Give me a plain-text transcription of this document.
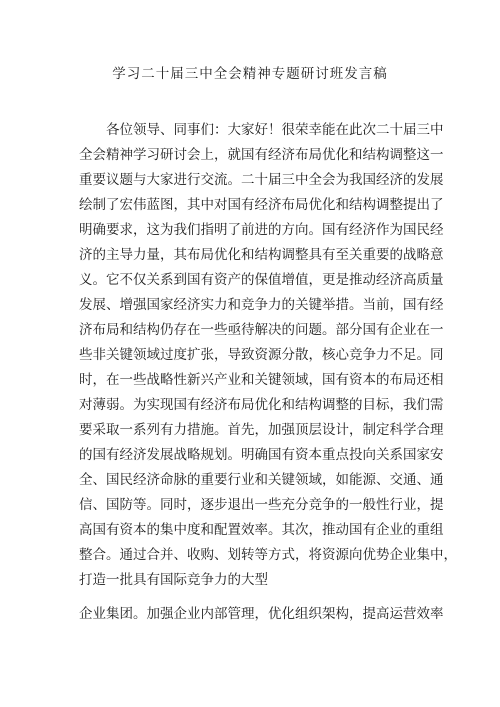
学习二十届三中全会精神专题研讨班发言稿

各位领导、同事们：大家好！很荣幸能在此次二十届三中

全会精神学习研讨会上，就国有经济布局优化和结构调整这一

重要议题与大家进行交流。二十届三中全会为我国经济的发展

绘制了宏伟蓝图，其中对国有经济布局优化和结构调整提出了

明确要求，这为我们指明了前进的方向。国有经济作为国民经

济的主导力量，其布局优化和结构调整具有至关重要的战略意

义。它不仅关系到国有资产的保值增值，更是推动经济高质量

发展、增强国家经济实力和竞争力的关键举措。当前，国有经

济布局和结构仍存在一些亟待解决的问题。部分国有企业在一

些非关键领域过度扩张，导致资源分散，核心竞争力不足。同

时，在一些战略性新兴产业和关键领域，国有资本的布局还相

对薄弱。为实现国有经济布局优化和结构调整的目标，我们需

要采取一系列有力措施。首先，加强顶层设计，制定科学合理

的国有经济发展战略规划。明确国有资本重点投向关系国家安

全、国民经济命脉的重要行业和关键领域，如能源、交通、通

信、国防等。同时，逐步退出一些充分竞争的一般性行业，提

高国有资本的集中度和配置效率。其次，推动国有企业的重组

整合。通过合并、收购、划转等方式，将资源向优势企业集中，

打造一批具有国际竞争力的大型

企业集团。加强企业内部管理，优化组织架构，提高运营效率
